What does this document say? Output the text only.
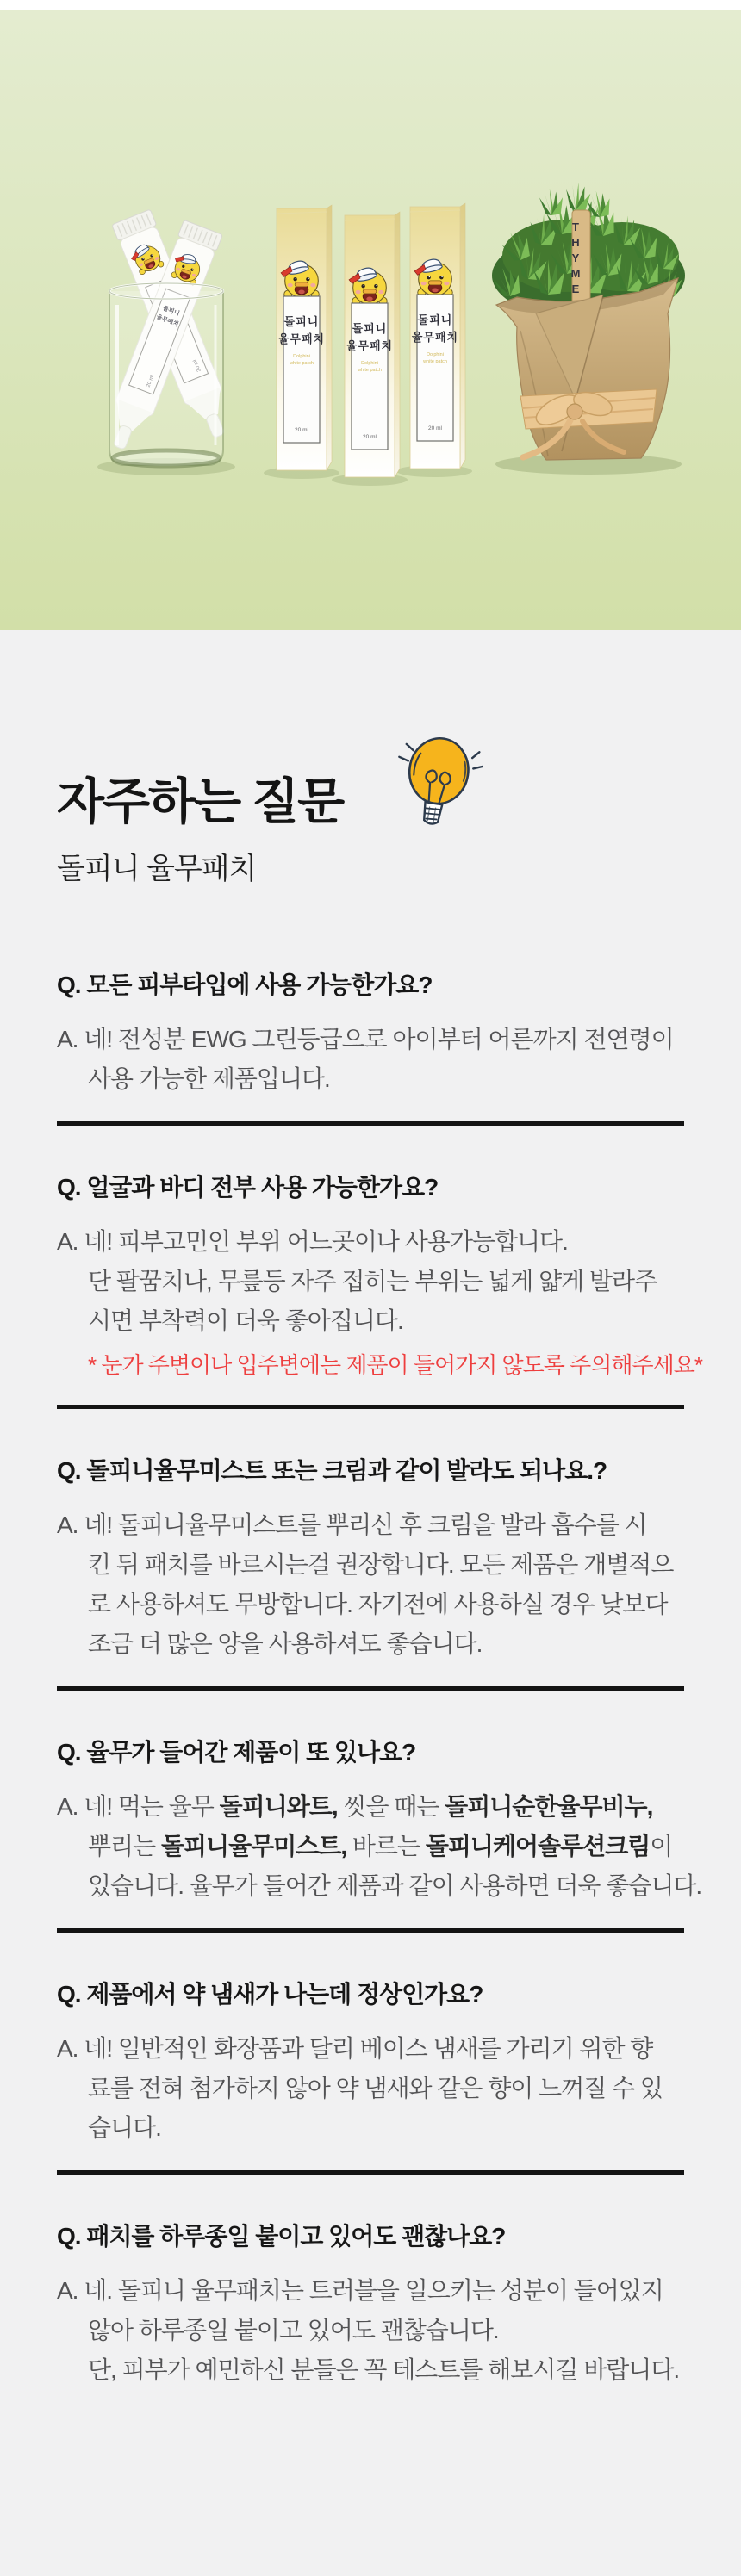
THYME
자주하는 질문
돌피니 율무패치
Q. 모든 피부타입에 사용 가능한가요?
A. 네! 전성분 EWG 그린등급으로 아이부터 어른까지 전연령이
사용 가능한 제품입니다.
Q. 얼굴과 바디 전부 사용 가능한가요?
A. 네! 피부고민인 부위 어느곳이나 사용가능합니다.
단 팔꿈치나, 무릎등 자주 접히는 부위는 넓게 얇게 발라주
시면 부착력이 더욱 좋아집니다.
* 눈가 주변이나 입주변에는 제품이 들어가지 않도록 주의해주세요*
Q. 돌피니율무미스트 또는 크림과 같이 발라도 되나요.?
A. 네! 돌피니율무미스트를 뿌리신 후 크림을 발라 흡수를 시
킨 뒤 패치를 바르시는걸 권장합니다. 모든 제품은 개별적으
로 사용하셔도 무방합니다. 자기전에 사용하실 경우 낮보다
조금 더 많은 양을 사용하셔도 좋습니다.
Q. 율무가 들어간 제품이 또 있나요?
A. 네! 먹는 율무 돌피니와트, 씻을 때는 돌피니순한율무비누,
뿌리는 돌피니율무미스트, 바르는 돌피니케어솔루션크림이
있습니다. 율무가 들어간 제품과 같이 사용하면 더욱 좋습니다.
Q. 제품에서 약 냄새가 나는데 정상인가요?
A. 네! 일반적인 화장품과 달리 베이스 냄새를 가리기 위한 향
료를 전혀 첨가하지 않아 약 냄새와 같은 향이 느껴질 수 있
습니다.
Q. 패치를 하루종일 붙이고 있어도 괜찮나요?
A. 네. 돌피니 율무패치는 트러블을 일으키는 성분이 들어있지
않아 하루종일 붙이고 있어도 괜찮습니다.
단, 피부가 예민하신 분들은 꼭 테스트를 해보시길 바랍니다.
